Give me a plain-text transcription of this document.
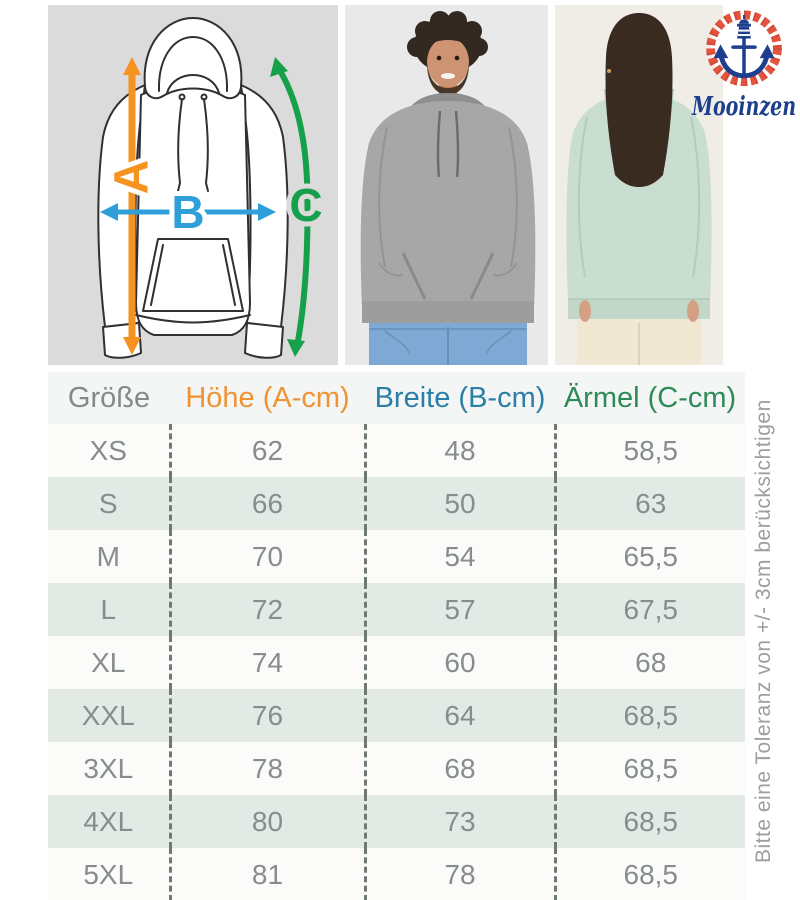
A
B C
Mooinzen
Größe	Höhe (A-cm)	Breite (B-cm)	Ärmel (C-cm)
XS	62	48	58,5
S	66	50	63
M	70	54	65,5
L	72	57	67,5
XL	74	60	68
XXL	76	64	68,5
3XL	78	68	68,5
4XL	80	73	68,5
5XL	81	78	68,5
Bitte eine Toleranz von +/- 3cm berücksichtigen
